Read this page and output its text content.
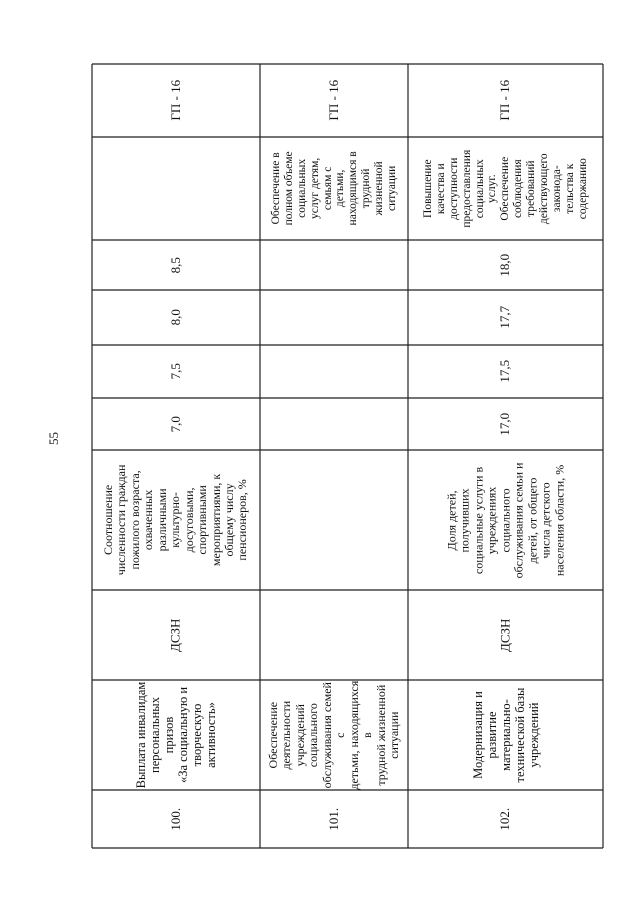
55
100.
Выплата инвалидам
персональных призов
«За социальную и
творческую активность»
ДСЗН
Соотношение
численности граждан
пожилого возраста,
охваченных
различными
культурно-
досуговыми,
спортивными
мероприятиями, к
общему числу
пенсионеров, %
7,0
7,5
8,0
8,5
ГП - 16
101.
Обеспечение
деятельности
учреждений
социального
обслуживания семей с
детьми, находящихся в
трудной жизненной
ситуации
Обеспечение в
полном объеме
социальных
услуг детям,
семьям с
детьми,
находящимся в
трудной
жизненной
ситуации
ГП - 16
102.
Модернизация и
развитие материально-
технической базы
учреждений
ДСЗН
Доля детей,
получивших
социальные услуги в
учреждениях
социального
обслуживания семьи и
детей, от общего
числа детского
населения области, %
17,0
17,5
17,7
18,0
Повышение
качества и
доступности
предоставления
социальных
услуг.
Обеспечение
соблюдения
требований
действующего
законода-
тельства к
содержанию
ГП - 16
